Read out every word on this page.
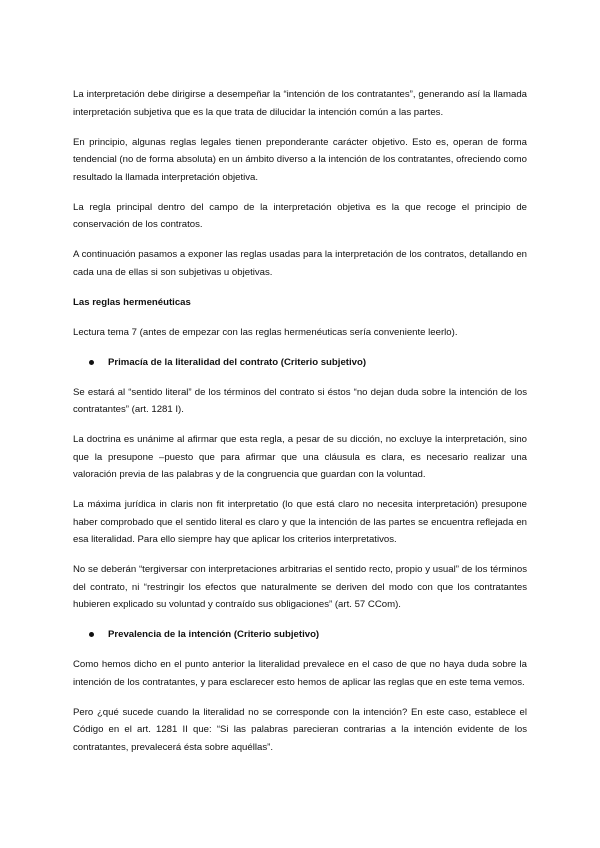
La interpretación debe dirigirse a desempeñar la “intención de los contratantes”, generando así la llamada interpretación subjetiva que es la que trata de dilucidar la intención común a las partes.

En principio, algunas reglas legales tienen preponderante carácter objetivo. Esto es, operan de forma tendencial (no de forma absoluta) en un ámbito diverso a la intención de los contratantes, ofreciendo como resultado la llamada interpretación objetiva.

La regla principal dentro del campo de la interpretación objetiva es la que recoge el principio de conservación de los contratos.

A continuación pasamos a exponer las reglas usadas para la interpretación de los contratos, detallando en cada una de ellas si son subjetivas u objetivas.

Las reglas hermenéuticas

Lectura tema 7 (antes de empezar con las reglas hermenéuticas sería conveniente leerlo).

Primacía de la literalidad del contrato (Criterio subjetivo)

Se estará al “sentido literal” de los términos del contrato si éstos “no dejan duda sobre la intención de los contratantes” (art. 1281 I).

La doctrina es unánime al afirmar que esta regla, a pesar de su dicción, no excluye la interpretación, sino que la presupone –puesto que para afirmar que una cláusula es clara, es necesario realizar una valoración previa de las palabras y de la congruencia que guardan con la voluntad.

La máxima jurídica in claris non fit interpretatio (lo que está claro no necesita interpretación) presupone haber comprobado que el sentido literal es claro y que la intención de las partes se encuentra reflejada en esa literalidad. Para ello siempre hay que aplicar los criterios interpretativos.

No se deberán “tergiversar con interpretaciones arbitrarias el sentido recto, propio y usual” de los términos del contrato, ni “restringir los efectos que naturalmente se deriven del modo con que los contratantes hubieren explicado su voluntad y contraído sus obligaciones” (art. 57 CCom).

Prevalencia de la intención (Criterio subjetivo)

Como hemos dicho en el punto anterior la literalidad prevalece en el caso de que no haya duda sobre la intención de los contratantes, y para esclarecer esto hemos de aplicar las reglas que en este tema vemos.

Pero ¿qué sucede cuando la literalidad no se corresponde con la intención? En este caso, establece el Código en el art. 1281 II que: “Si las palabras parecieran contrarias a la intención evidente de los contratantes, prevalecerá ésta sobre aquéllas”.
